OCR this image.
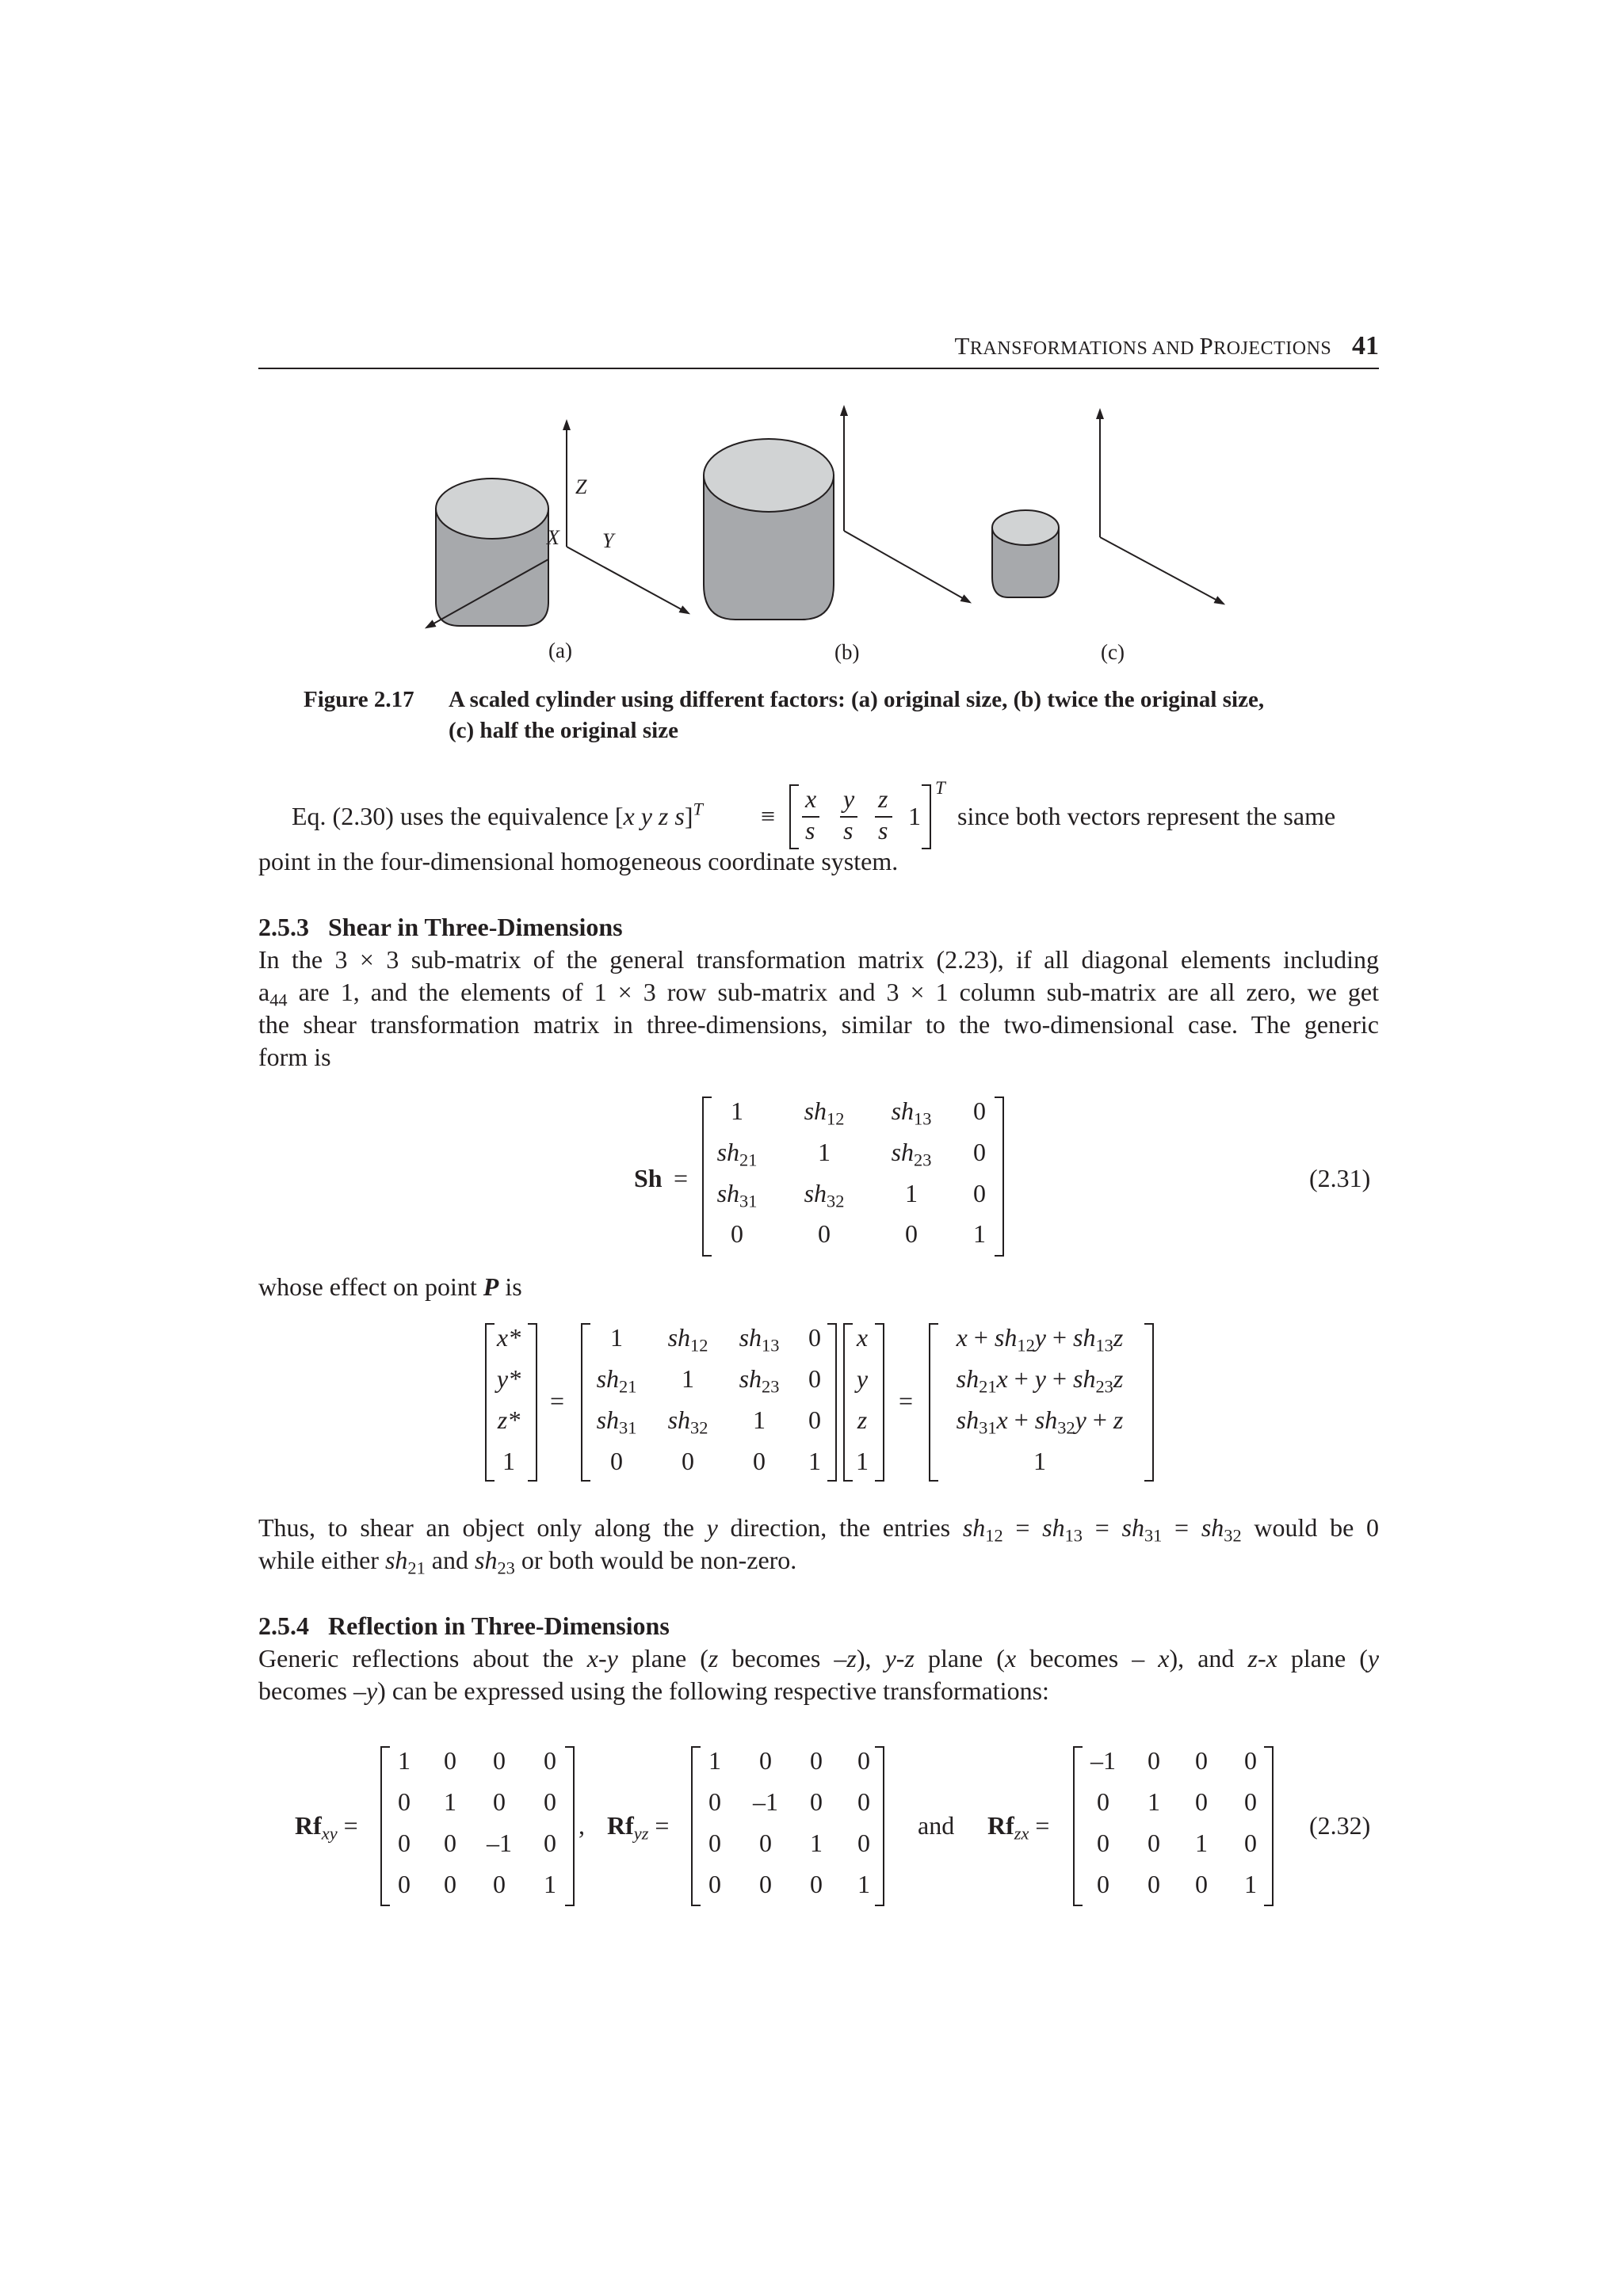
TRANSFORMATIONS AND PROJECTIONS 41
Z
X Y
(a)	(b)	(c)
Figure 2.17 A scaled cylinder using different factors: (a) original size, (b) twice the original size,
(c) half the original size
Eq. (2.30) uses the equivalence [x y z s]$^T$ ≡
x y z
s s s 1
T
since both vectors represent the same
point in the four-dimensional homogeneous coordinate system.
2.5.3   Shear in Three-Dimensions
In the 3 × 3 sub-matrix of the general transformation matrix (2.23), if all diagonal elements including
$a_{44}$ are 1, and the elements of 1 × 3 row sub-matrix and 3 × 1 column sub-matrix are all zero, we get
the shear transformation matrix in three-dimensions, similar to the two-dimensional case. The generic
form is
Sh =
1 $sh_{12}$ $sh_{13}$ 0
$sh_{21}$ 1 $sh_{23}$ 0
$sh_{31}$ $sh_{32}$ 1 0
0	0	0 1
(2.31)
whose effect on point P is
=	=
x*
y*
z*
1
1 $sh_{12}$ $sh_{13}$ 0
$sh_{21}$ 1 $sh_{23}$ 0
$sh_{31}$ $sh_{32}$ 1 0
0 0 0 1
x
y
z
1
$x + sh_{12}y + sh_{13}z$
$sh_{21}x + y + sh_{23}z$
$sh_{31}x + sh_{32}y + z$
1
Thus, to shear an object only along the y direction, the entries $sh_{12} = sh_{13} = sh_{31} = sh_{32}$ would be 0
while either $sh_{21}$ and $sh_{23}$ or both would be non-zero.
2.5.4   Reflection in Three-Dimensions
Generic reflections about the x-y plane (z becomes –z), y-z plane (x becomes – x), and z-x plane (y
becomes –y) can be expressed using the following respective transformations:
$Rf_{xy}$ =	, $Rf_{yz}$ =	and $Rf_{zx}$ =	(2.32)
1 0 0 0
0 1 0 0
0 0 –1 0
0 0 0 1
1 0 0 0
0 –1 0 0
0 0 1 0
0 0 0 1
–1 0 0 0
0 1 0 0
0 0 1 0
0 0 0 1
